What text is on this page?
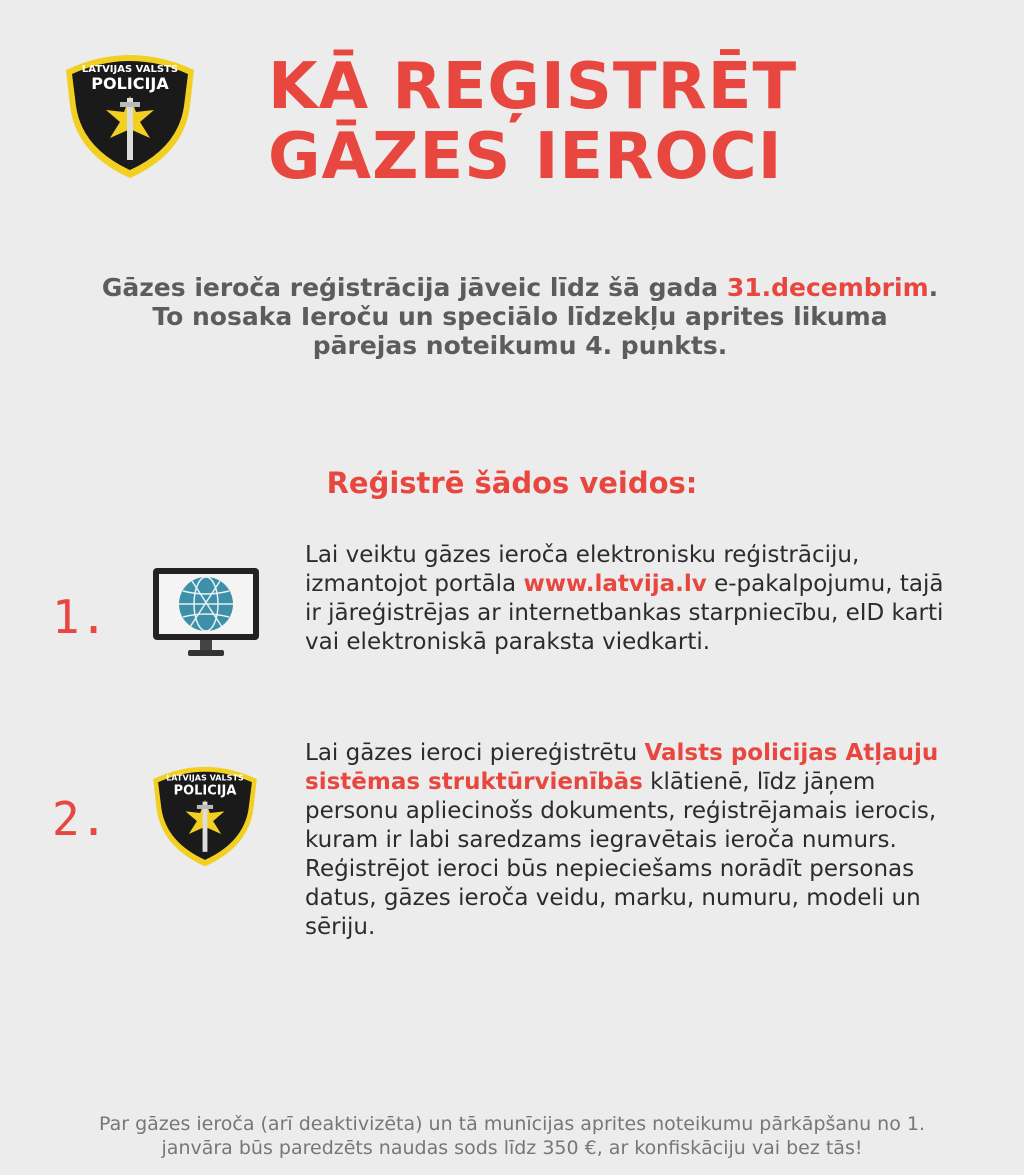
LATVIJAS VALSTS
POLICIJA KĀ REĢISTRĒT
GĀZES IEROCI
Gāzes ieroča reģistrācija jāveic līdz šā gada 31.decembrim.
To nosaka Ieroču un speciālo līdzekļu aprites likuma
pārejas noteikumu 4. punkts.
Reģistrē šādos veidos:
1.
Lai veiktu gāzes ieroča elektronisku reģistrāciju, izmantojot portāla www.latvija.lv e-pakalpojumu, tajā ir jāreģistrējas ar internetbankas starpniecību, eID karti vai elektroniskā paraksta viedkarti.
2.
LATVIJAS VALSTS
POLICIJA
Lai gāzes ieroci piereģistrētu Valsts policijas Atļauju sistēmas struktūrvienībās klātienē, līdz jāņem personu apliecinošs dokuments, reģistrējamais ierocis, kuram ir labi saredzams iegravētais ieroča numurs. Reģistrējot ieroci būs nepieciešams norādīt personas datus, gāzes ieroča veidu, marku, numuru, modeli un sēriju.
Par gāzes ieroča (arī deaktivizēta) un tā munīcijas aprites noteikumu pārkāpšanu no 1.
janvāra būs paredzēts naudas sods līdz 350 €, ar konfiskāciju vai bez tās!
